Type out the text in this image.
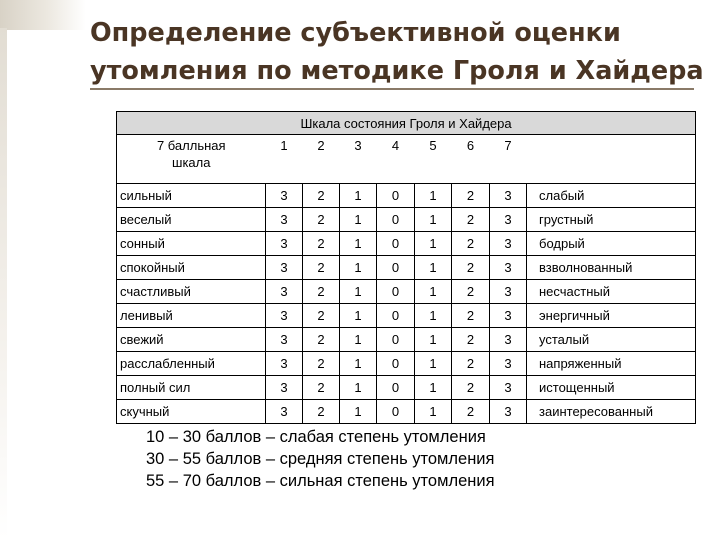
Определение субъективной оценки
утомления по методике Гроля и Хайдера
Шкала состояния Гроля и Хайдера								
7 балльная
шкала	1	2	3	4	5	6	7	
сильный	3	2	1	0	1	2	3	слабый
веселый	3	2	1	0	1	2	3	грустный
сонный	3	2	1	0	1	2	3	бодрый
спокойный	3	2	1	0	1	2	3	взволнованный
счастливый	3	2	1	0	1	2	3	несчастный
ленивый	3	2	1	0	1	2	3	энергичный
свежий	3	2	1	0	1	2	3	усталый
расслабленный	3	2	1	0	1	2	3	напряженный
полный сил	3	2	1	0	1	2	3	истощенный
скучный	3	2	1	0	1	2	3	заинтересованный
10 – 30 баллов – слабая степень утомления
30 – 55 баллов – средняя степень утомления
55 – 70 баллов – сильная степень утомления
